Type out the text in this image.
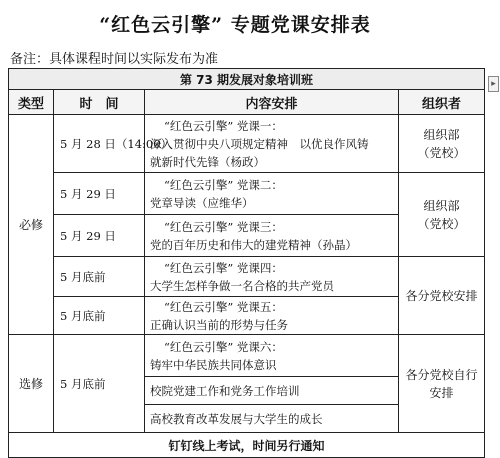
“红色云引擎” 专题党课安排表
备注：具体课程时间以实际发布为准
第 73 期发展对象培训班			
类型	时　间	内容安排	组织者
必修	5 月 28 日（14:00）	“红色云引擎” 党课一：
深入贯彻中央八项规定精神　以优良作风铸
就新时代先锋（杨政）	组织部
（党校）

	5 月 29 日	“红色云引擎” 党课二：
党章导读（应维华）	组织部
（党校）

	5 月 29 日	“红色云引擎” 党课三：
党的百年历史和伟大的建党精神（孙晶）	

	5 月底前	“红色云引擎” 党课四：
大学生怎样争做一名合格的共产党员	各分党校安排

	5 月底前	“红色云引擎” 党课五：
正确认识当前的形势与任务	

选修	5 月底前	“红色云引擎” 党课六：
铸牢中华民族共同体意识	各分党校自行
安排

		校院党建工作和党务工作培训	

		高校教育改革发展与大学生的成长	

钉钉线上考试，时间另行通知			
▸
